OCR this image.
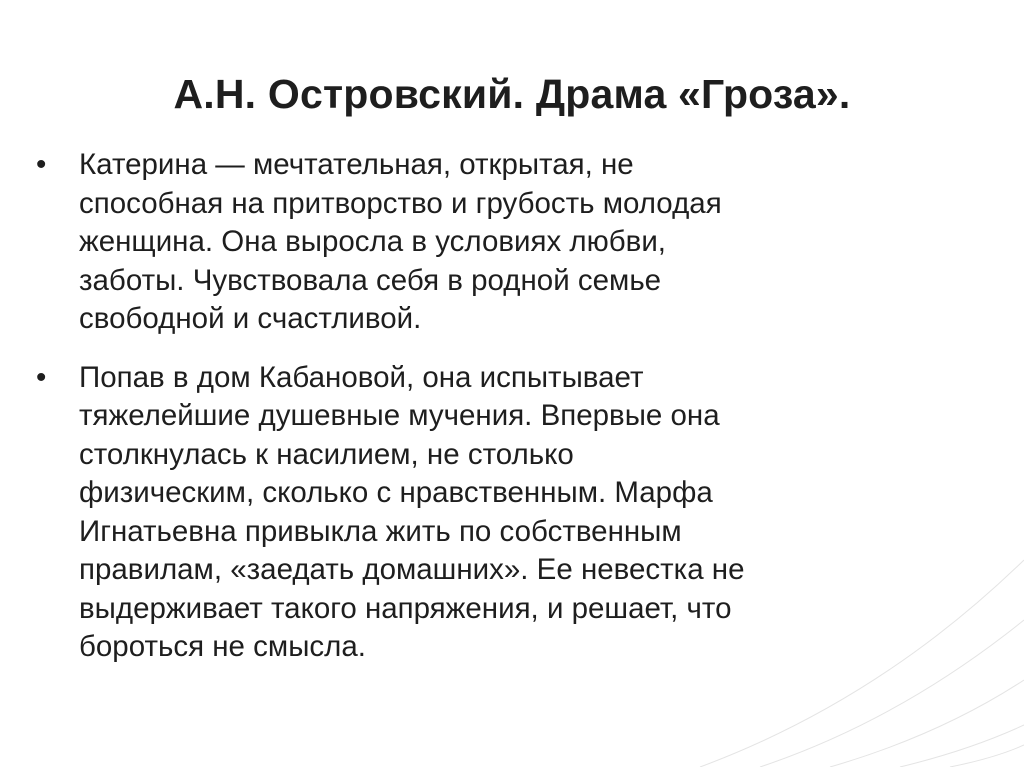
А.Н. Островский. Драма «Гроза».
•	Катерина — мечтательная, открытая, не
способная на притворство и грубость молодая
женщина. Она выросла в условиях любви,
заботы. Чувствовала себя в родной семье
свободной и счастливой.
•	Попав в дом Кабановой, она испытывает
тяжелейшие душевные мучения. Впервые она
столкнулась к насилием, не столько
физическим, сколько с нравственным. Марфа
Игнатьевна привыкла жить по собственным
правилам, «заедать домашних». Ее невестка не
выдерживает такого напряжения, и решает, что
бороться не смысла.
